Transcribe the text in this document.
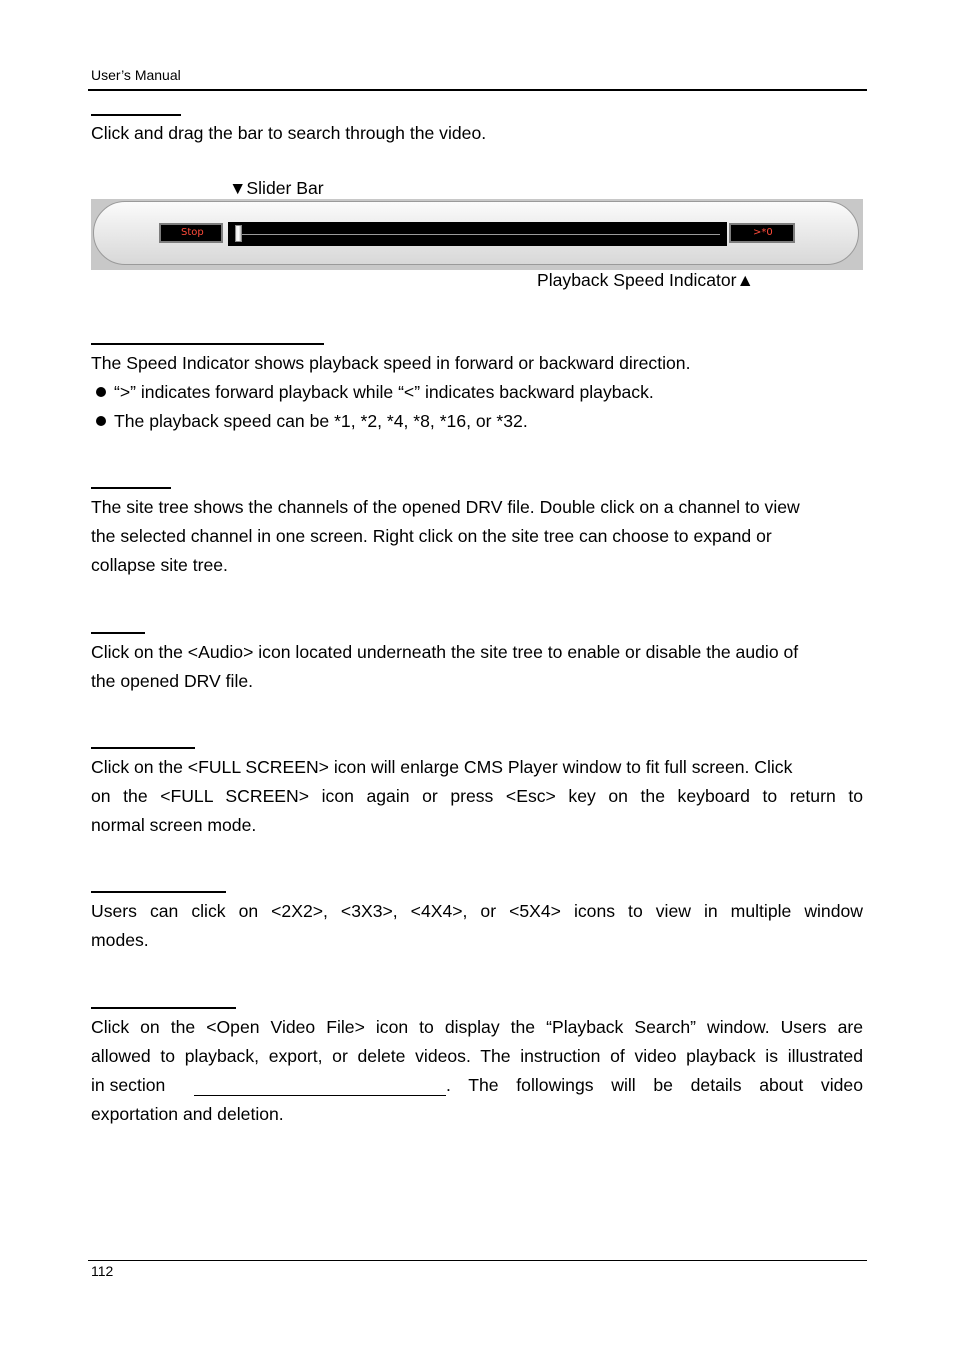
User’s Manual
Click and drag the bar to search through the video.
▼Slider Bar
Stop	>*0
Playback Speed Indicator▲
The Speed Indicator shows playback speed in forward or backward direction.
“>” indicates forward playback while “<” indicates backward playback.
The playback speed can be *1, *2, *4, *8, *16, or *32.
The site tree shows the channels of the opened DRV file. Double click on a channel to view
the selected channel in one screen. Right click on the site tree can choose to expand or
collapse site tree.
Click on the <Audio> icon located underneath the site tree to enable or disable the audio of
the opened DRV file.
Click on the <FULL SCREEN> icon will enlarge CMS Player window to fit full screen. Click
on the <FULL SCREEN> icon again or press <Esc> key on the keyboard to return to
normal screen mode.
Users can click on <2X2>, <3X3>, <4X4>, or <5X4> icons to view in multiple window
modes.
Click on the <Open Video File> icon to display the “Playback Search” window. Users are
allowed to playback, export, or delete videos. The instruction of video playback is illustrated
in section	. The followings will be details about video
exportation and deletion.
112
